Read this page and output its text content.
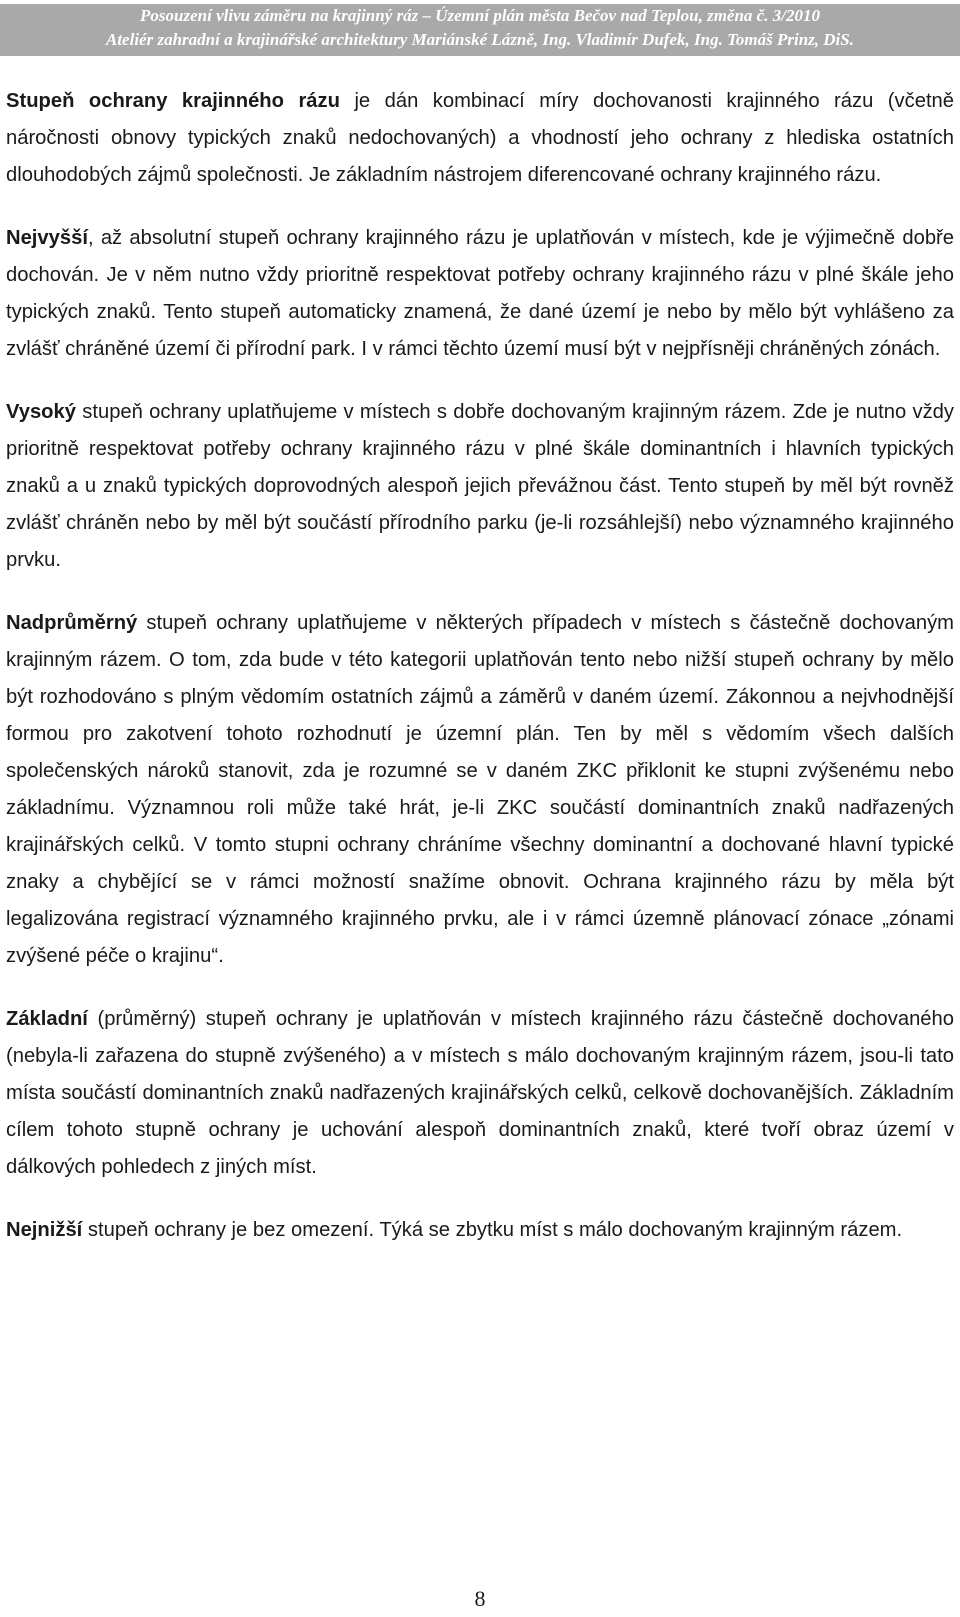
Posouzení vlivu záměru na krajinný ráz – Územní plán města Bečov nad Teplou, změna č. 3/2010
Ateliér zahradní a krajinářské architektury Mariánské Lázně, Ing. Vladimír Dufek, Ing. Tomáš Prinz, DiS.

Stupeň ochrany krajinného rázu je dán kombinací míry dochovanosti krajinného rázu (včetně náročnosti obnovy typických znaků nedochovaných) a vhodností jeho ochrany z hlediska ostatních dlouhodobých zájmů společnosti. Je základním nástrojem diferencované ochrany krajinného rázu.

Nejvyšší, až absolutní stupeň ochrany krajinného rázu je uplatňován v místech, kde je výjimečně dobře dochován. Je v něm nutno vždy prioritně respektovat potřeby ochrany krajinného rázu v plné škále jeho typických znaků. Tento stupeň automaticky znamená, že dané území je nebo by mělo být vyhlášeno za zvlášť chráněné území či přírodní park. I v rámci těchto území musí být v nejpřísněji chráněných zónách.

Vysoký stupeň ochrany uplatňujeme v místech s dobře dochovaným krajinným rázem. Zde je nutno vždy prioritně respektovat potřeby ochrany krajinného rázu v plné škále dominantních i hlavních typických znaků a u znaků typických doprovodných alespoň jejich převážnou část. Tento stupeň by měl být rovněž zvlášť chráněn nebo by měl být součástí přírodního parku (je-li rozsáhlejší) nebo významného krajinného prvku.

Nadprůměrný stupeň ochrany uplatňujeme v některých případech v místech s částečně dochovaným krajinným rázem. O tom, zda bude v této kategorii uplatňován tento nebo nižší stupeň ochrany by mělo být rozhodováno s plným vědomím ostatních zájmů a záměrů v daném území. Zákonnou a nejvhodnější formou pro zakotvení tohoto rozhodnutí je územní plán. Ten by měl s vědomím všech dalších společenských nároků stanovit, zda je rozumné se v daném ZKC přiklonit ke stupni zvýšenému nebo základnímu. Významnou roli může také hrát, je-li ZKC součástí dominantních znaků nadřazených krajinářských celků. V tomto stupni ochrany chráníme všechny dominantní a dochované hlavní typické znaky a chybějící se v rámci možností snažíme obnovit. Ochrana krajinného rázu by měla být legalizována registrací významného krajinného prvku, ale i v rámci územně plánovací zónace „zónami zvýšené péče o krajinu“.

Základní (průměrný) stupeň ochrany je uplatňován v místech krajinného rázu částečně dochovaného (nebyla-li zařazena do stupně zvýšeného) a v místech s málo dochovaným krajinným rázem, jsou-li tato místa součástí dominantních znaků nadřazených krajinářských celků, celkově dochovanějších. Základním cílem tohoto stupně ochrany je uchování alespoň dominantních znaků, které tvoří obraz území v dálkových pohledech z jiných míst.

Nejnižší stupeň ochrany je bez omezení. Týká se zbytku míst s málo dochovaným krajinným rázem.

8
